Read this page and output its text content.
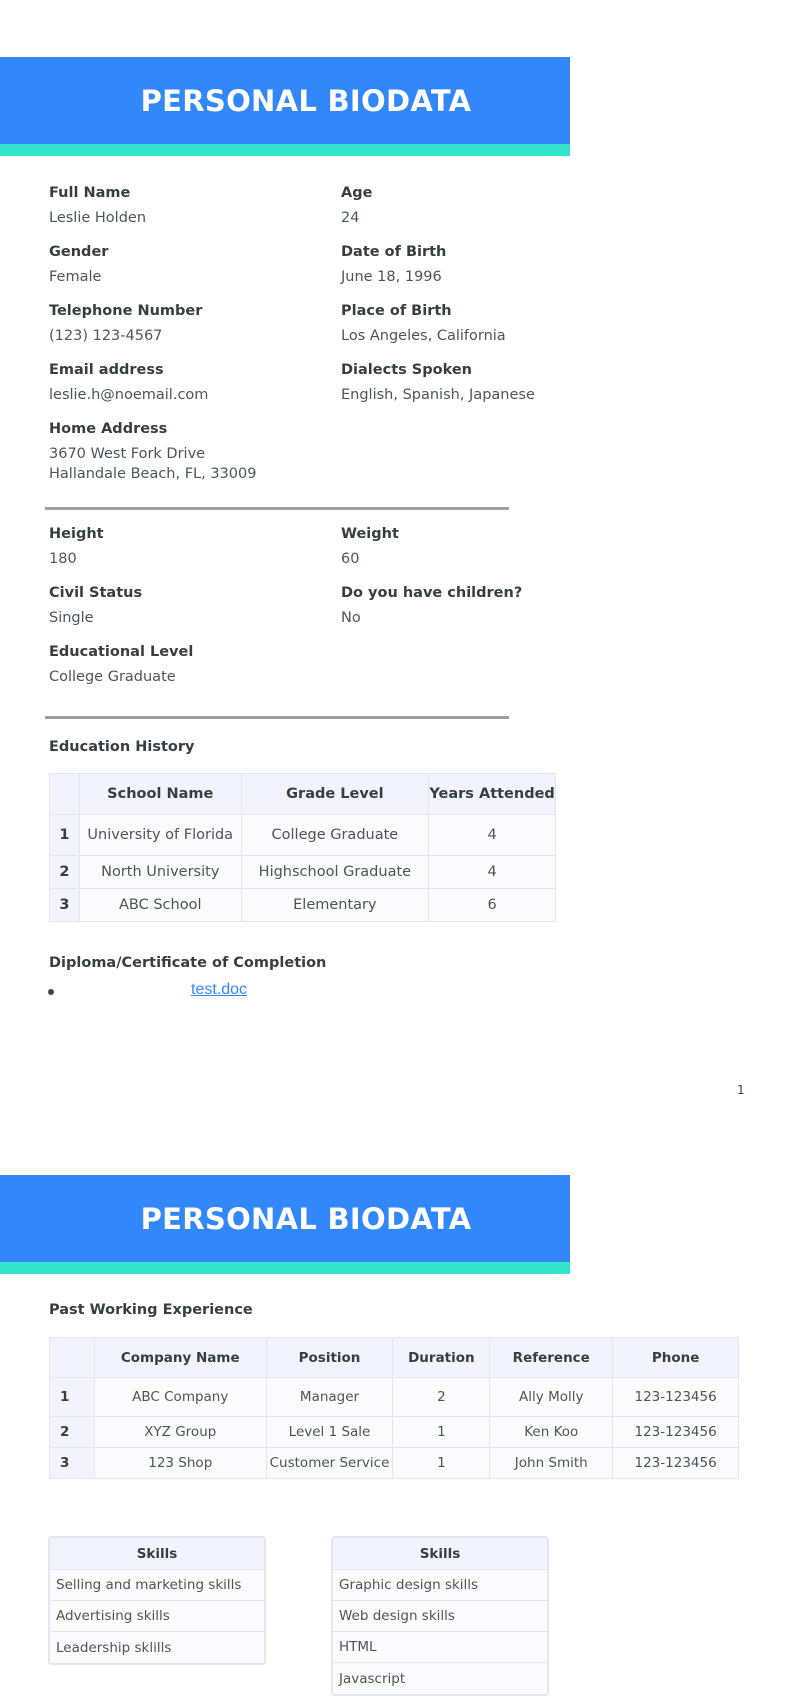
PERSONAL BIODATA
Full Name
Leslie Holden
Age
24
Gender
Female
Date of Birth
June 18, 1996
Telephone Number
(123) 123-4567
Place of Birth
Los Angeles, California
Email address
leslie.h@noemail.com
Dialects Spoken
English, Spanish, Japanese
Home Address
3670 West Fork Drive
Hallandale Beach, FL, 33009
Height
180
Weight
60
Civil Status
Single
Do you have children?
No
Educational Level
College Graduate
Education History
	School Name	Grade Level	Years Attended
1	University of Florida	College Graduate	4
2	North University	Highschool Graduate	4
3	ABC School	Elementary	6
Diploma/Certificate of Completion
test.doc
1
PERSONAL BIODATA
Past Working Experience
	Company Name	Position	Duration	Reference	Phone
1	ABC Company	Manager	2	Ally Molly	123-123456
2	XYZ Group	Level 1 Sale	1	Ken Koo	123-123456
3	123 Shop	Customer Service	1	John Smith	123-123456
Skills
Selling and marketing skills
Advertising skills
Leadership sklills
Skills
Graphic design skills
Web design skills
HTML
Javascript
